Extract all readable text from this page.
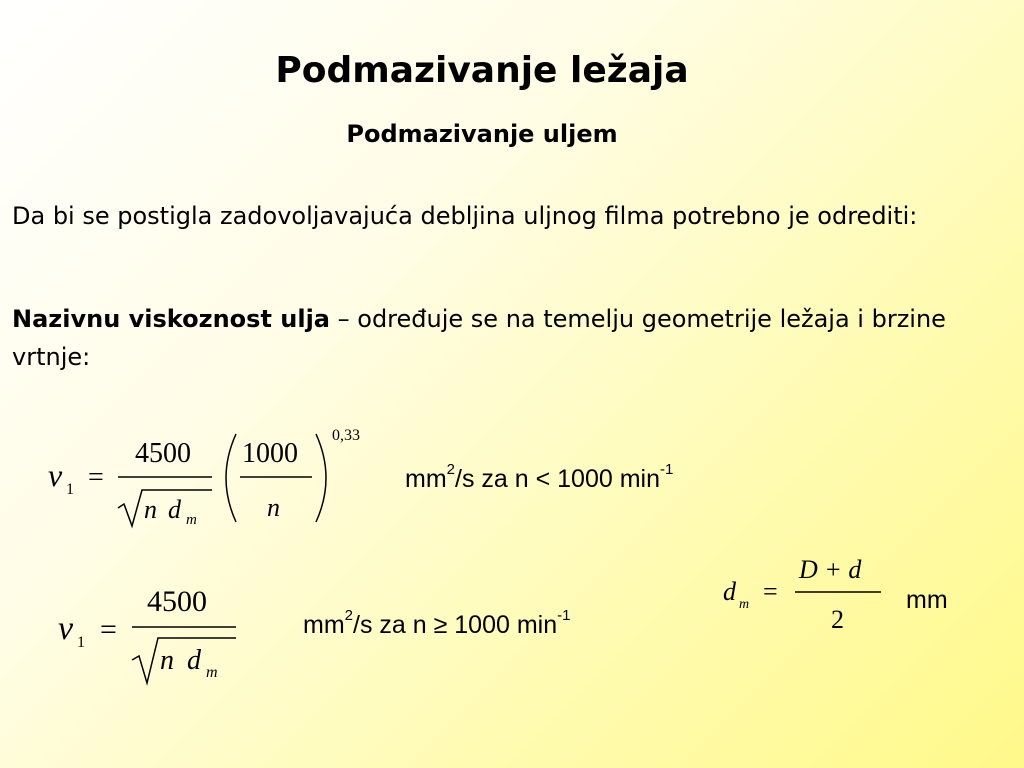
Podmazivanje ležaja
Podmazivanje uljem

Da bi se postigla zadovoljavajuća debljina uljnog filma potrebno je odrediti:

Nazivnu viskoznost ulja – određuje se na temelju geometrije ležaja i brzine vrtnje:

ν 1 =
4500
n d m
1000
n
0,33
$mm^2/s$ za n < 1000 $\min^{-1}$
ν 1 =
4500
n d m
$mm^2/s$ za n ≥ 1000 $\min^{-1}$
d m =
D + d
2
mm
